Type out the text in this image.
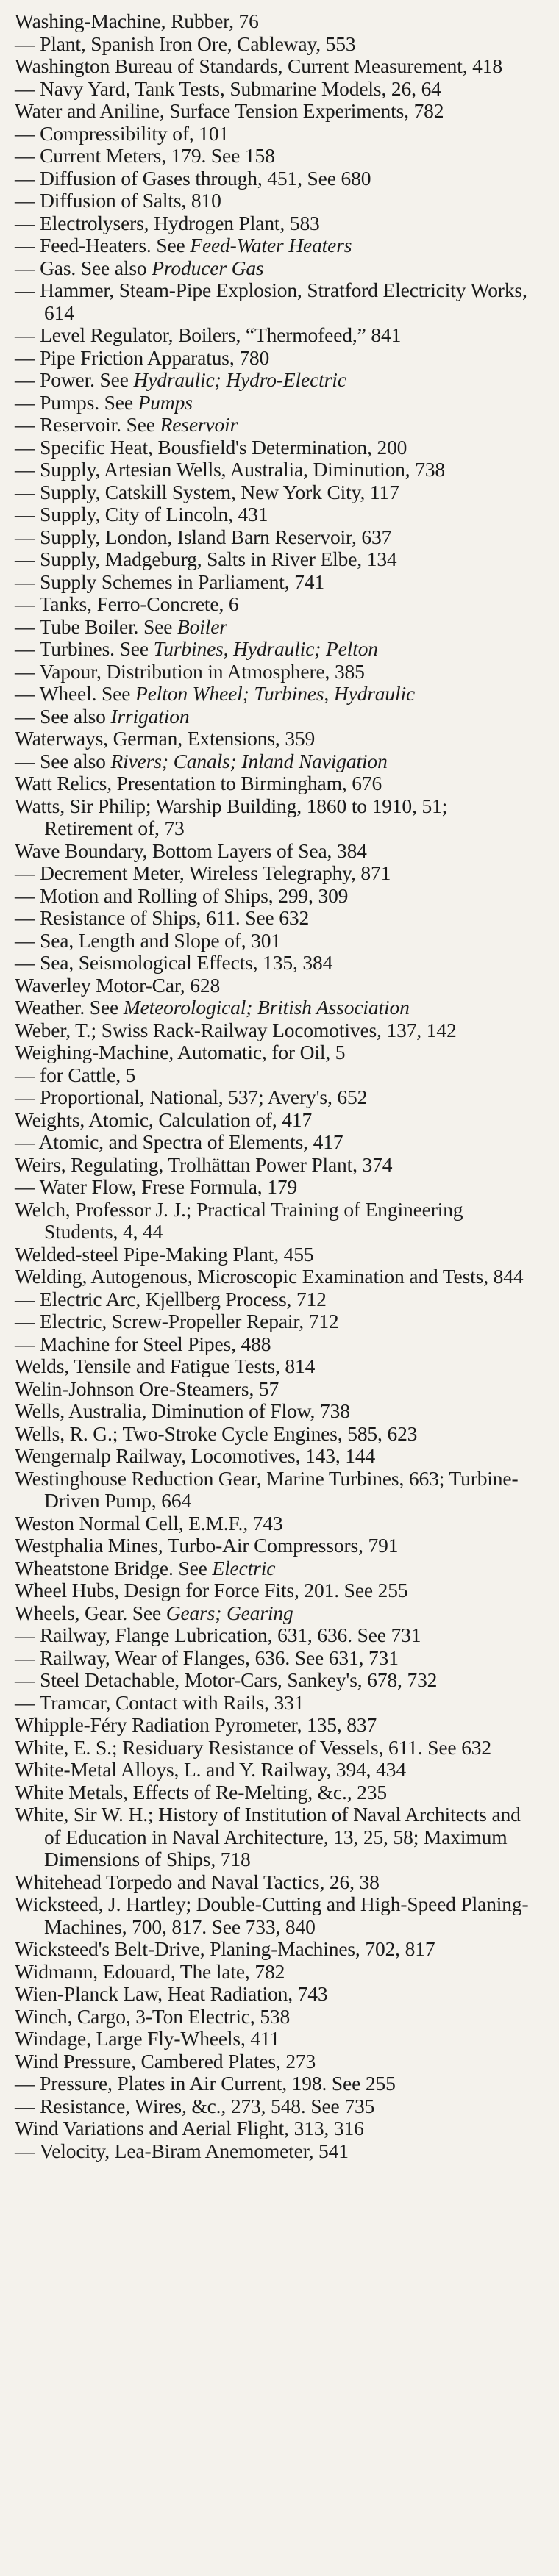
Washing-Machine, Rubber, 76
— Plant, Spanish Iron Ore, Cableway, 553
Washington Bureau of Standards, Current Measurement, 418
— Navy Yard, Tank Tests, Submarine Models, 26, 64
Water and Aniline, Surface Tension Experiments, 782
— Compressibility of, 101
— Current Meters, 179. See 158
— Diffusion of Gases through, 451, See 680
— Diffusion of Salts, 810
— Electrolysers, Hydrogen Plant, 583
— Feed-Heaters. See Feed-Water Heaters
— Gas. See also Producer Gas
— Hammer, Steam-Pipe Explosion, Stratford Electricity Works, 614
— Level Regulator, Boilers, “Thermofeed,” 841
— Pipe Friction Apparatus, 780
— Power. See Hydraulic; Hydro-Electric
— Pumps. See Pumps
— Reservoir. See Reservoir
— Specific Heat, Bousfield's Determination, 200
— Supply, Artesian Wells, Australia, Diminution, 738
— Supply, Catskill System, New York City, 117
— Supply, City of Lincoln, 431
— Supply, London, Island Barn Reservoir, 637
— Supply, Madgeburg, Salts in River Elbe, 134
— Supply Schemes in Parliament, 741
— Tanks, Ferro-Concrete, 6
— Tube Boiler. See Boiler
— Turbines. See Turbines, Hydraulic; Pelton
— Vapour, Distribution in Atmosphere, 385
— Wheel. See Pelton Wheel; Turbines, Hydraulic
— See also Irrigation
Waterways, German, Extensions, 359
— See also Rivers; Canals; Inland Navigation
Watt Relics, Presentation to Birmingham, 676
Watts, Sir Philip; Warship Building, 1860 to 1910, 51; Retirement of, 73
Wave Boundary, Bottom Layers of Sea, 384
— Decrement Meter, Wireless Telegraphy, 871
— Motion and Rolling of Ships, 299, 309
— Resistance of Ships, 611. See 632
— Sea, Length and Slope of, 301
— Sea, Seismological Effects, 135, 384
Waverley Motor-Car, 628
Weather. See Meteorological; British Association
Weber, T.; Swiss Rack-Railway Locomotives, 137, 142
Weighing-Machine, Automatic, for Oil, 5
— for Cattle, 5
— Proportional, National, 537; Avery's, 652
Weights, Atomic, Calculation of, 417
— Atomic, and Spectra of Elements, 417
Weirs, Regulating, Trolhättan Power Plant, 374
— Water Flow, Frese Formula, 179
Welch, Professor J. J.; Practical Training of Engineering Students, 4, 44
Welded-steel Pipe-Making Plant, 455
Welding, Autogenous, Microscopic Examination and Tests, 844
— Electric Arc, Kjellberg Process, 712
— Electric, Screw-Propeller Repair, 712
— Machine for Steel Pipes, 488
Welds, Tensile and Fatigue Tests, 814
Welin-Johnson Ore-Steamers, 57
Wells, Australia, Diminution of Flow, 738
Wells, R. G.; Two-Stroke Cycle Engines, 585, 623
Wengernalp Railway, Locomotives, 143, 144
Westinghouse Reduction Gear, Marine Turbines, 663; Turbine-Driven Pump, 664
Weston Normal Cell, E.M.F., 743
Westphalia Mines, Turbo-Air Compressors, 791
Wheatstone Bridge. See Electric
Wheel Hubs, Design for Force Fits, 201. See 255
Wheels, Gear. See Gears; Gearing
— Railway, Flange Lubrication, 631, 636. See 731
— Railway, Wear of Flanges, 636. See 631, 731
— Steel Detachable, Motor-Cars, Sankey's, 678, 732
— Tramcar, Contact with Rails, 331
Whipple-Féry Radiation Pyrometer, 135, 837
White, E. S.; Residuary Resistance of Vessels, 611. See 632
White-Metal Alloys, L. and Y. Railway, 394, 434
White Metals, Effects of Re-Melting, &c., 235
White, Sir W. H.; History of Institution of Naval Architects and of Education in Naval Architecture, 13, 25, 58; Maximum Dimensions of Ships, 718
Whitehead Torpedo and Naval Tactics, 26, 38
Wicksteed, J. Hartley; Double-Cutting and High-Speed Planing-Machines, 700, 817. See 733, 840
Wicksteed's Belt-Drive, Planing-Machines, 702, 817
Widmann, Edouard, The late, 782
Wien-Planck Law, Heat Radiation, 743
Winch, Cargo, 3-Ton Electric, 538
Windage, Large Fly-Wheels, 411
Wind Pressure, Cambered Plates, 273
— Pressure, Plates in Air Current, 198. See 255
— Resistance, Wires, &c., 273, 548. See 735
Wind Variations and Aerial Flight, 313, 316
— Velocity, Lea-Biram Anemometer, 541
